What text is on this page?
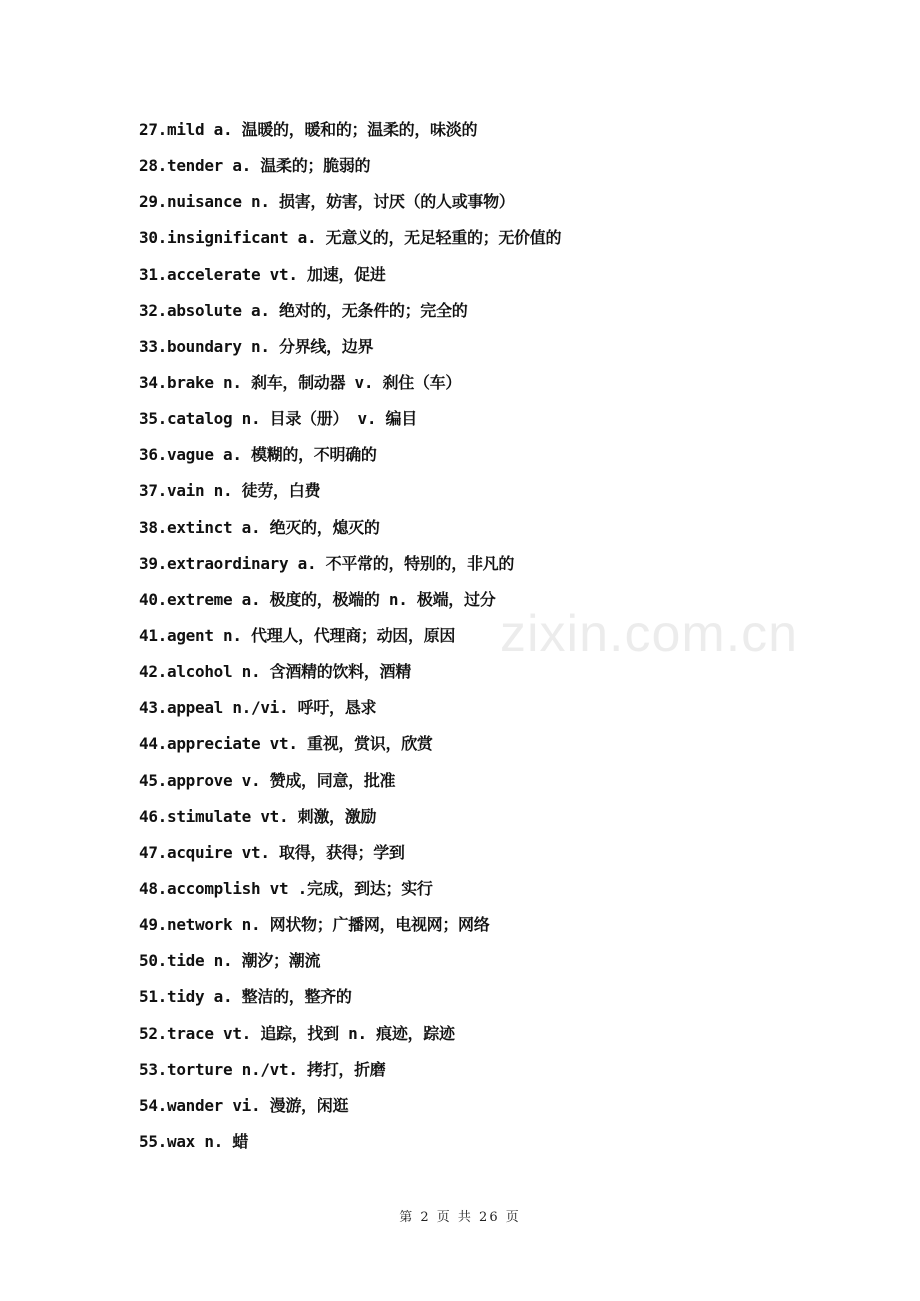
27.mild a. 温暖的，暖和的；温柔的，味淡的
28.tender a. 温柔的；脆弱的
29.nuisance n. 损害，妨害，讨厌（的人或事物）
30.insignificant a. 无意义的，无足轻重的；无价值的
31.accelerate vt. 加速，促进
32.absolute a. 绝对的，无条件的；完全的
33.boundary n. 分界线，边界
34.brake n. 刹车，制动器 v. 刹住（车）
35.catalog n. 目录（册） v. 编目
36.vague a. 模糊的，不明确的
37.vain n. 徒劳，白费
38.extinct a. 绝灭的，熄灭的
39.extraordinary a. 不平常的，特别的，非凡的
40.extreme a. 极度的，极端的 n. 极端，过分
41.agent n. 代理人，代理商；动因，原因
42.alcohol n. 含酒精的饮料，酒精
43.appeal n./vi. 呼吁，恳求
44.appreciate vt. 重视，赏识，欣赏
45.approve v. 赞成，同意，批准
46.stimulate vt. 刺激，激励
47.acquire vt. 取得，获得；学到
48.accomplish vt .完成，到达；实行
49.network n. 网状物；广播网，电视网；网络
50.tide n. 潮汐；潮流
51.tidy a. 整洁的，整齐的
52.trace vt. 追踪，找到 n. 痕迹，踪迹
53.torture n./vt. 拷打，折磨
54.wander vi. 漫游，闲逛
55.wax n. 蜡
zixin.com.cn
第 2 页 共 26 页
